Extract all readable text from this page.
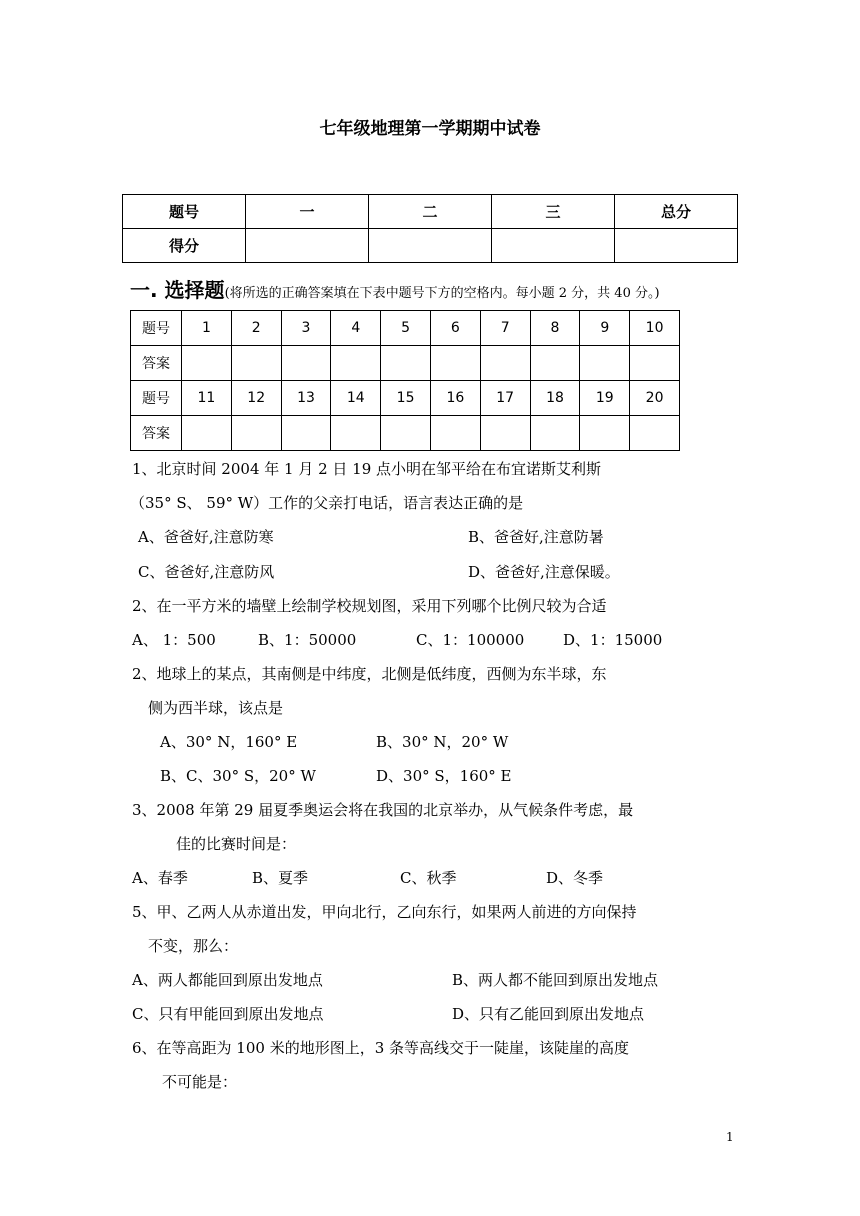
七年级地理第一学期期中试卷
题号	一	二	三	总分
得分				
一. 选择题(将所选的正确答案填在下表中题号下方的空格内。每小题 2 分，共 40 分。)
题号	1	2	3	4	5	6	7	8	9	10
答案										
题号	11	12	13	14	15	16	17	18	19	20
答案										
1、北京时间 2004 年 1 月 2 日 19 点小明在邹平给在布宜诺斯艾利斯
（35° S、 59° W）工作的父亲打电话，语言表达正确的是
A、爸爸好,注意防寒	B、爸爸好,注意防暑
C、爸爸好,注意防风	D、爸爸好,注意保暖。
2、在一平方米的墙壁上绘制学校规划图，采用下列哪个比例尺较为合适
A、 1：500	B、1：50000	C、1：100000	D、1：15000
2、地球上的某点，其南侧是中纬度，北侧是低纬度，西侧为东半球，东
侧为西半球，该点是
A、30° N，160° E	B、30° N，20° W
B、C、30° S，20° W	D、30° S，160° E
3、2008 年第 29 届夏季奥运会将在我国的北京举办，从气候条件考虑，最
佳的比赛时间是：
A、春季	B、夏季	C、秋季	D、冬季
5、甲、乙两人从赤道出发，甲向北行，乙向东行，如果两人前进的方向保持
不变，那么：
A、两人都能回到原出发地点	B、两人都不能回到原出发地点
C、只有甲能回到原出发地点	D、只有乙能回到原出发地点
6、在等高距为 100 米的地形图上，3 条等高线交于一陡崖，该陡崖的高度
不可能是：
1
